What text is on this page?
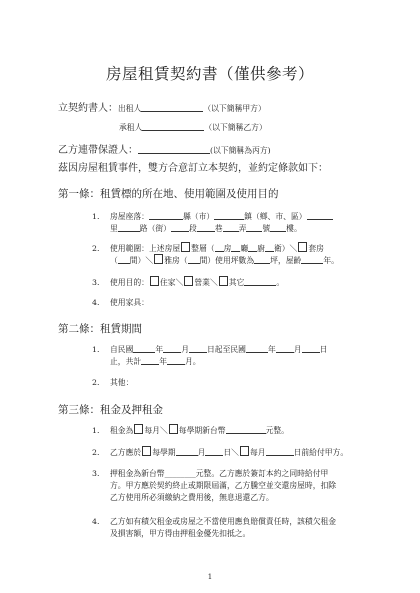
房屋租賃契約書（僅供參考）
立契約書人：出租人	（以下簡稱甲方）
承租人	（以下簡稱乙方）
乙方連帶保證人：	(以下簡稱為丙方)
茲因房屋租賃事件，雙方合意訂立本契約，並約定條款如下：
第一條：租賃標的所在地、使用範圍及使用目的
1. 房屋座落：	縣（市）	鎮（鄉、市、區）
里	路（街） 段 巷 弄 號 樓。
2. 使用範圍：上述房屋 整層（ 房 廳 廚 衛）＼ 套房
（ 間）＼ 雅房（ 間）使用坪數為 坪，屋齡	年。
3. 使用目的： 住家＼ 營業＼ 其它	。
4. 使用家具：
第二條：租賃期間
1. 自民國	年 月 日起至民國	年 月 日
止，共計 年 月。
2. 其他：
第三條：租金及押租金
1. 租金為 每月＼ 每學期新台幣	元整。
2. 乙方應於 每學期	月 日＼ 每月	日前給付甲方。
3. 押租金為新台幣________元整。乙方應於簽訂本約之同時給付甲
方。甲方應於契約終止或期限屆滿，乙方騰空並交還房屋時，扣除
乙方使用所必須繳納之費用後，無息退還乙方。
4. 乙方如有積欠租金或房屋之不當使用應負賠償責任時，該積欠租金
及損害額，甲方得由押租金優先扣抵之。
1
